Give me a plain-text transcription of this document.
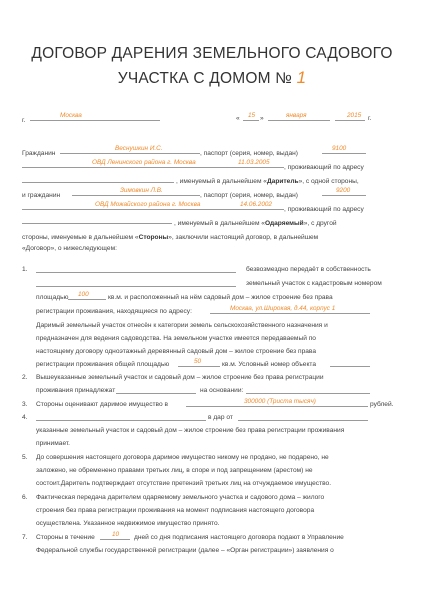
ДОГОВОР ДАРЕНИЯ ЗЕМЕЛЬНОГО САДОВОГО
УЧАСТКА С ДОМОМ № 1
г.
Москва	« 15 »	января	2015 г.
Гражданин
Веснушкин И.С.
, паспорт (серия, номер, выдан)
9100
ОВД Ленинского района г. Москва	11.03.2005
, проживающий по адресу
, именуемый в дальнейшем «Даритель», с одной стороны,
и гражданин
Зимовкин Л.В.
, паспорт (серия, номер, выдан)
9200
ОВД Можайского района г. Москва	14.06.2002
, проживающий по адресу
, именуемый в дальнейшем «Одаряемый», с другой
стороны, именуемые в дальнейшем «Стороны», заключили настоящий договор, в дальнейшем
«Договор», о нижеследующем:
1.	безвозмездно передаёт в собственность
земельный участок с кадастровым номером
площадью 100	кв.м. и расположенный на нём садовый дом – жилое строение без права
регистрации проживания, находящиеся по адресу:	Москва, ул.Широкая, д.44, корпус 1
Даримый земельный участок отнесён к категории земель сельскохозяйственного назначения и
предназначен для ведения садоводства. На земельном участке имеется передаваемый по
настоящему договору одноэтажный деревянный садовый дом – жилое строение без права
регистрации проживания общей площадью	50	кв.м. Условный номер объекта
2. Вышеуказанные земельный участок и садовый дом – жилое строение без права регистрации
проживания принадлежат	на основании:
3. Стороны оценивают даримое имущество в	300000 (Триста тысяч)	рублей.
4.	в дар от
указанные земельный участок и садовый дом – жилое строение без права регистрации проживания
принимает.
5. До совершения настоящего договора даримое имущество никому не продано, не подарено, не
заложено, не обременено правами третьих лиц, в споре и под запрещением (арестом) не
состоит.Даритель подтверждает отсутствие претензий третьих лиц на отчуждаемое имущество.
6. Фактическая передача дарителем одаряемому земельного участка и садового дома – жилого
строения без права регистрации проживания на момент подписания настоящего договора
осуществлена. Указанное недвижимое имущество принято.
7. Стороны в течение	10 дней со дня подписания настоящего договора подают в Управление
Федеральной службы государственной регистрации (далее – «Орган регистрации») заявления о
